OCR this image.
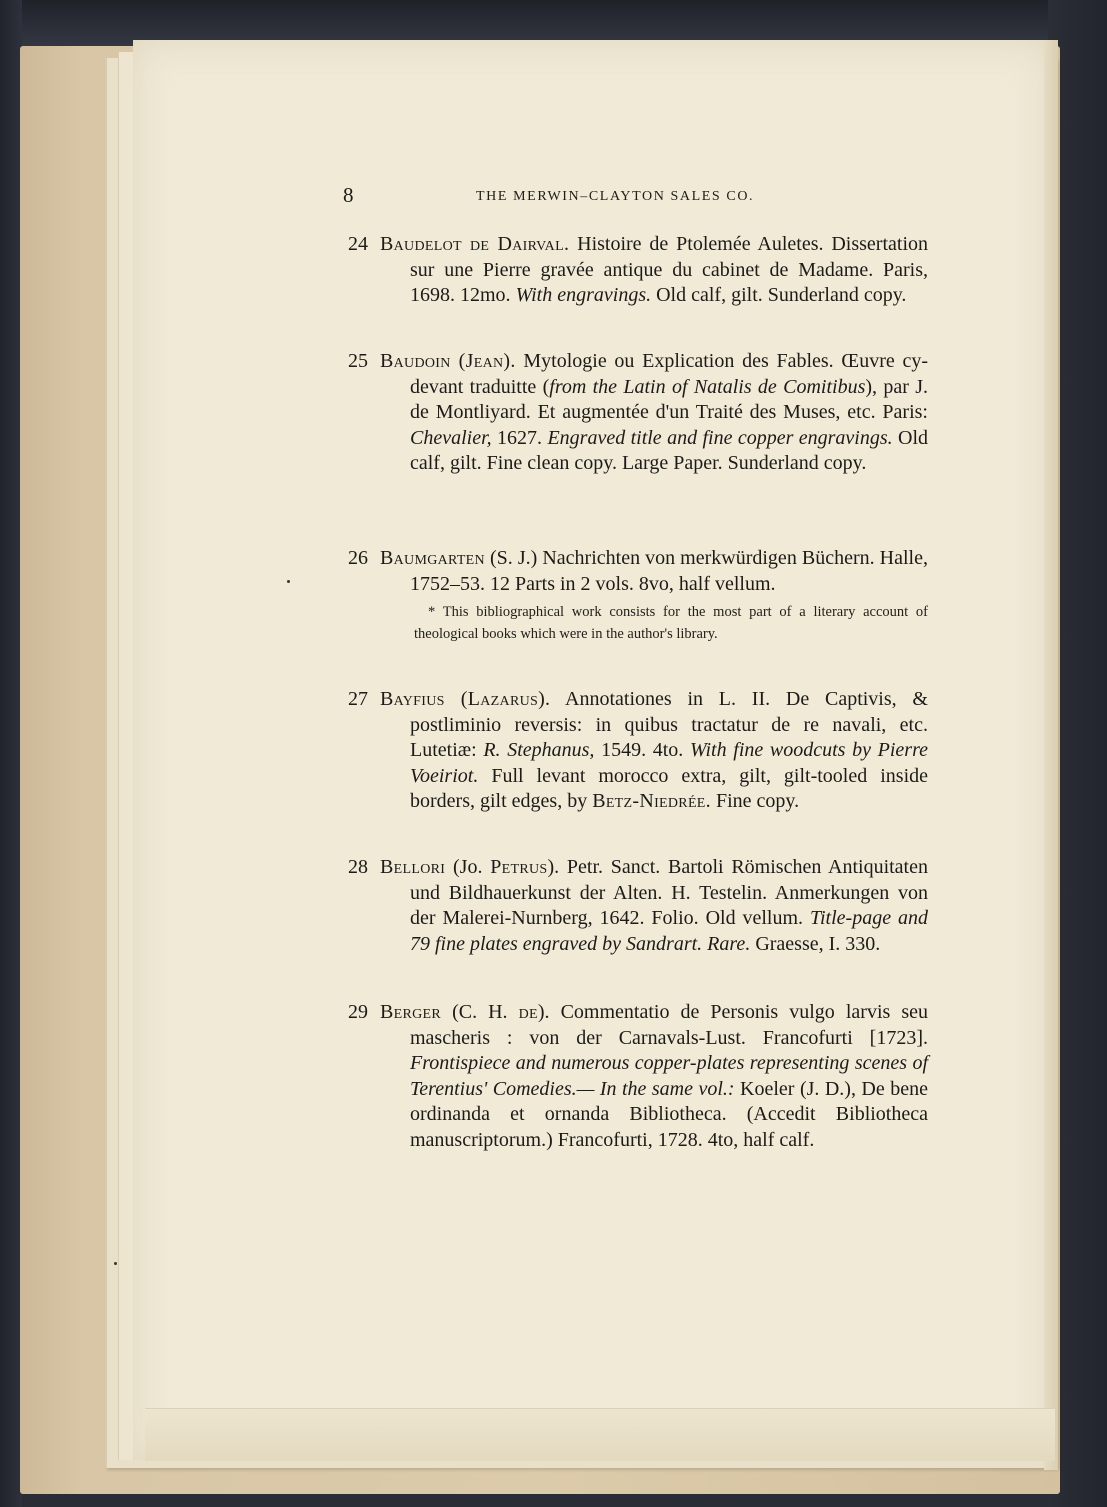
8	THE MERWIN–CLAYTON SALES CO.
24 Baudelot de Dairval. Histoire de Ptolemée Auletes. Dissertation sur une Pierre gravée antique du cabinet de Madame. Paris, 1698. 12mo. With engravings. Old calf, gilt. Sunderland copy.
25 Baudoin (Jean). Mytologie ou Explication des Fables. Œuvre cy-devant traduitte (from the Latin of Natalis de Comitibus), par J. de Montliyard. Et augmentée d'un Traité des Muses, etc. Paris: Chevalier, 1627. Engraved title and fine copper engravings. Old calf, gilt. Fine clean copy. Large Paper. Sunderland copy.
26 Baumgarten (S. J.) Nachrichten von merkwürdigen Büchern. Halle, 1752–53. 12 Parts in 2 vols. 8vo, half vellum.
* This bibliographical work consists for the most part of a literary account of theological books which were in the author's library.
27 Bayfius (Lazarus). Annotationes in L. II. De Captivis, & postliminio reversis: in quibus tractatur de re navali, etc. Lutetiæ: R. Stephanus, 1549. 4to. With fine woodcuts by Pierre Voeiriot. Full levant morocco extra, gilt, gilt-tooled inside borders, gilt edges, by Betz-Niedrée. Fine copy.
28 Bellori (Jo. Petrus). Petr. Sanct. Bartoli Römischen Antiquitaten und Bildhauerkunst der Alten. H. Testelin. Anmerkungen von der Malerei-Nurnberg, 1642. Folio. Old vellum. Title-page and 79 fine plates engraved by Sandrart. Rare. Graesse, I. 330.
29 Berger (C. H. de). Commentatio de Personis vulgo larvis seu mascheris : von der Carnavals-Lust. Francofurti [1723]. Frontispiece and numerous copper-plates representing scenes of Terentius' Comedies.— In the same vol.: Koeler (J. D.), De bene ordinanda et ornanda Bibliotheca. (Accedit Bibliotheca manuscriptorum.) Francofurti, 1728. 4to, half calf.
